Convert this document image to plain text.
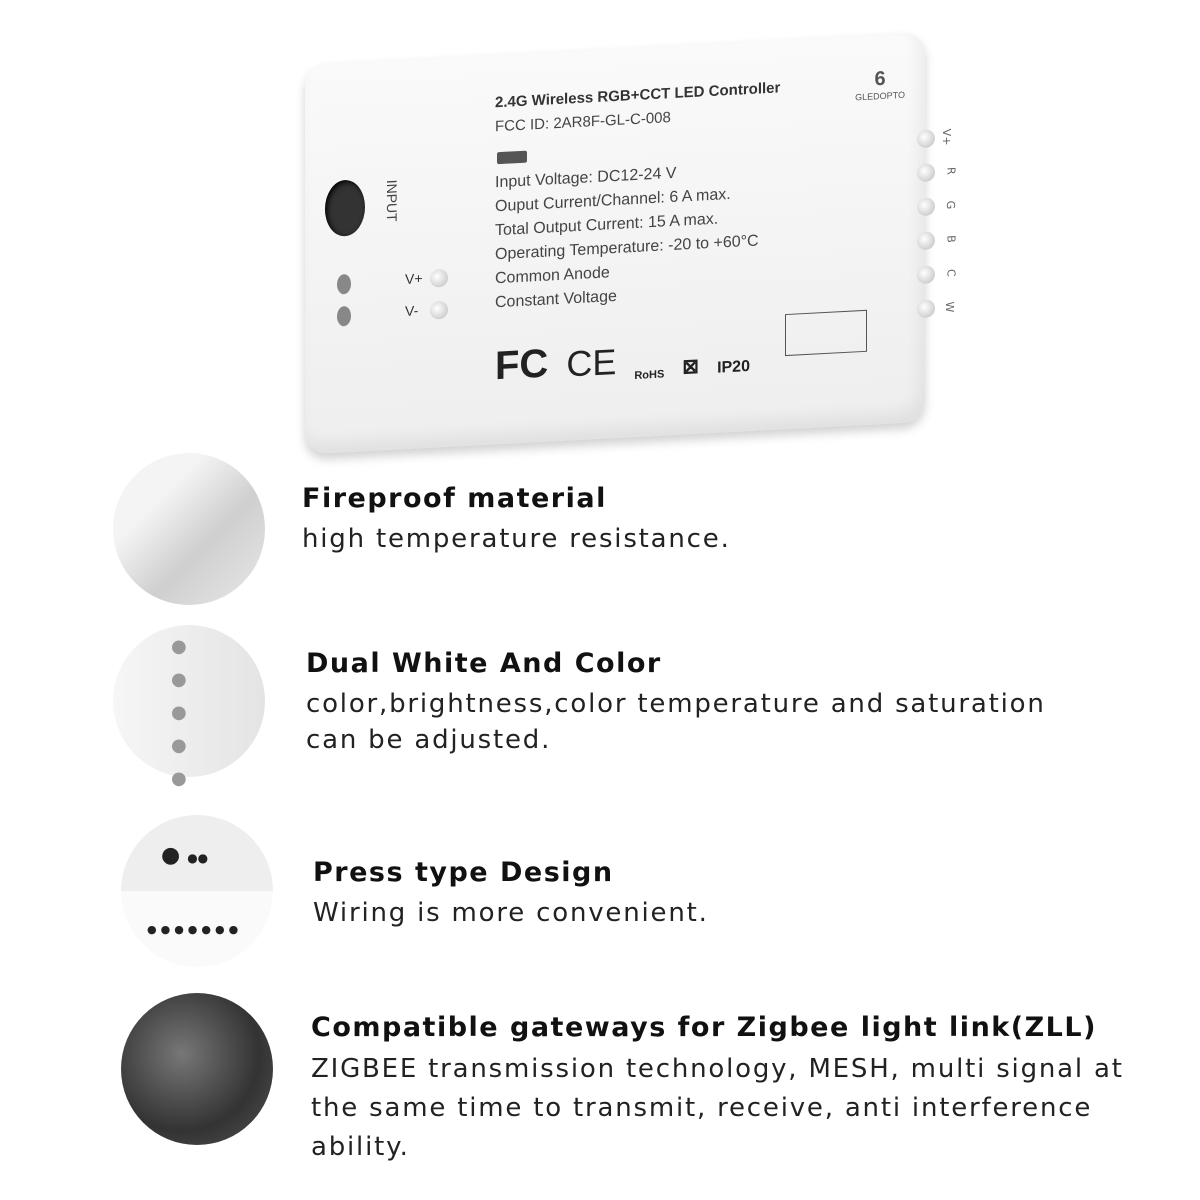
INPUT
V+
V-
6
GLEDOPTO
2.4G Wireless RGB+CCT LED Controller
FCC ID: 2AR8F-GL-C-008
Input Voltage: DC12-24 V
Ouput Current/Channel: 6 A max.
Total Output Current: 15 A max.
Operating Temperature: -20 to +60°C
Common Anode
Constant Voltage
FC CE RoHS ⊠ IP20
V+
R
G
B
C
W
Fireproof material
high temperature resistance.
●
●
●
●
●
Dual White And Color
color,brightness,color temperature and saturation can be adjusted.
● ●●
●●●●●●●
Press type Design
Wiring is more convenient.
Compatible gateways for Zigbee light link(ZLL)
ZIGBEE transmission technology, MESH, multi signal at the same time to transmit, receive, anti interference ability.
